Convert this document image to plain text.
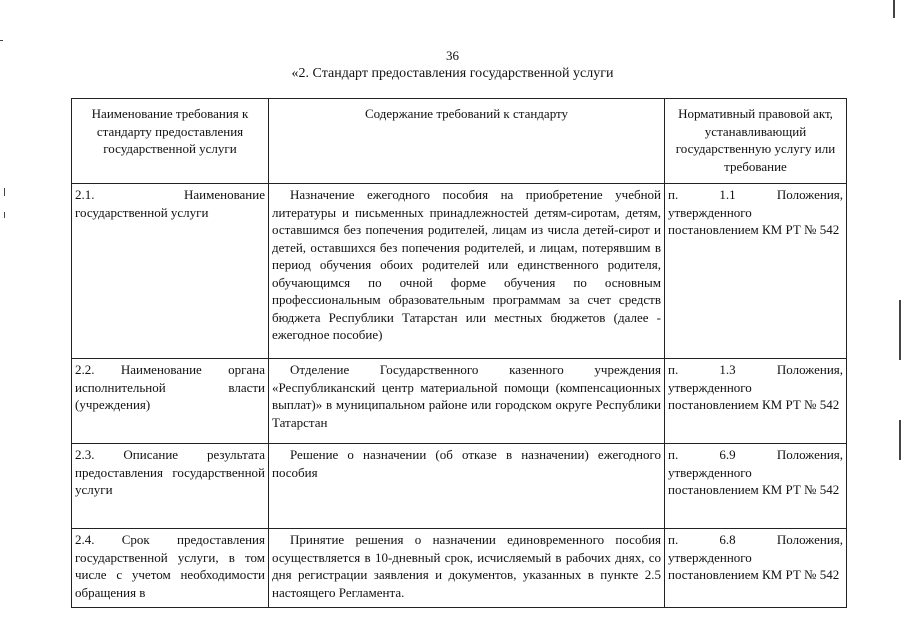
36
«2. Стандарт предоставления государственной услуги
Наименование требования к стандарту предоставления государственной услуги	Содержание требований к стандарту	Нормативный правовой акт, устанавливающий государственную услугу или требование
2.1. Наименование государственной услуги	Назначение ежегодного пособия на приобретение учебной литературы и письменных принадлежностей детям-сиротам, детям, оставшимся без попечения родителей, лицам из числа детей-сирот и детей, оставшихся без попечения родителей, и лицам, потерявшим в период обучения обоих родителей или единственного родителя, обучающимся по очной форме обучения по основным профессиональным образовательным программам за счет средств бюджета Республики Татарстан или местных бюджетов (далее - ежегодное пособие)	п. 1.1 Положения, утвержденного постановлением КМ РТ № 542
2.2. Наименование органа исполнительной власти (учреждения)	Отделение Государственного казенного учреждения «Республиканский центр материальной помощи (компенсационных выплат)» в муниципальном районе или городском округе Республики Татарстан	п. 1.3 Положения, утвержденного постановлением КМ РТ № 542
2.3. Описание результата предоставления государственной услуги	Решение о назначении (об отказе в назначении) ежегодного пособия	п. 6.9 Положения, утвержденного постановлением КМ РТ № 542
2.4. Срок предоставления государственной услуги, в том числе с учетом необходимости обращения в	Принятие решения о назначении единовременного пособия осуществляется в 10-дневный срок, исчисляемый в рабочих днях, со дня регистрации заявления и документов, указанных в пункте 2.5 настоящего Регламента.	п. 6.8 Положения, утвержденного постановлением КМ РТ № 542
